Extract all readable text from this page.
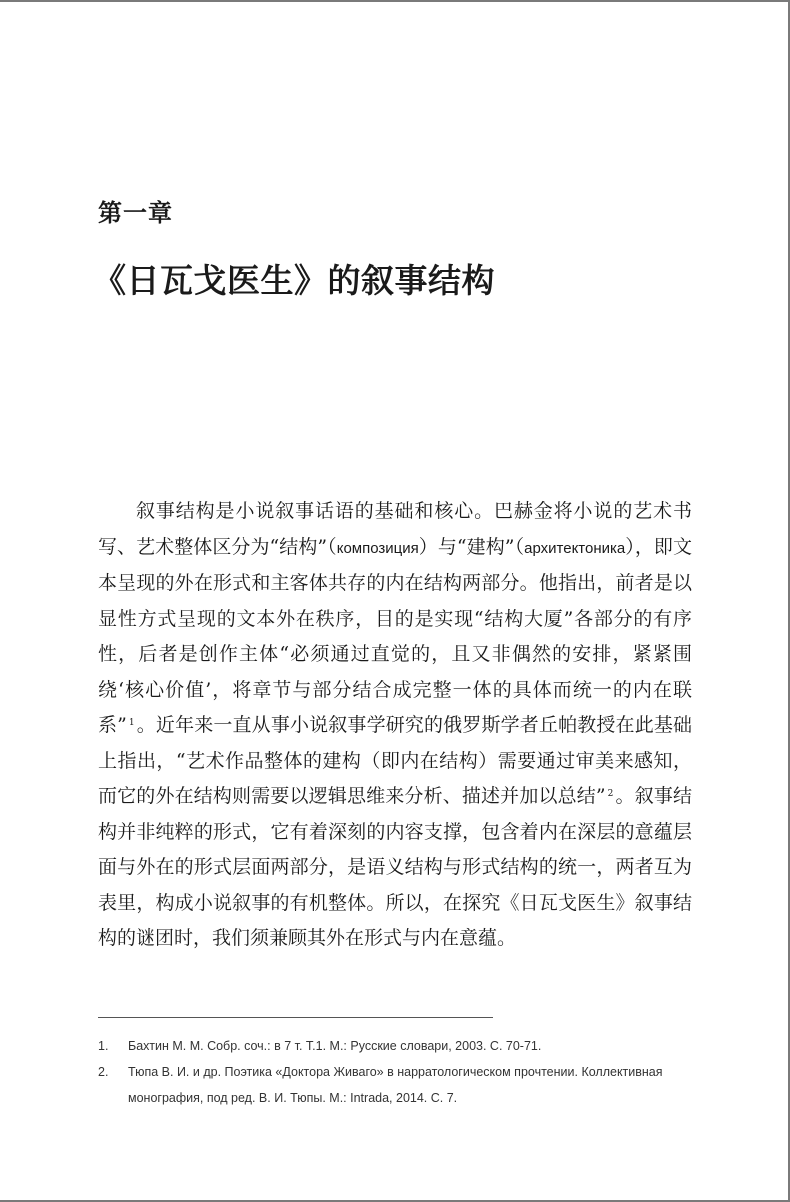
第一章
《日瓦戈医生》的叙事结构

叙事结构是小说叙事话语的基础和核心。巴赫金将小说的艺术书写、艺术整体区分为“结构”（композиция）与“建构”（архитектоника），即文本呈现的外在形式和主客体共存的内在结构两部分。他指出，前者是以显性方式呈现的文本外在秩序，目的是实现“结构大厦”各部分的有序性，后者是创作主体“必须通过直觉的，且又非偶然的安排，紧紧围绕‘核心价值’，将章节与部分结合成完整一体的具体而统一的内在联系” $^1$ 。近年来一直从事小说叙事学研究的俄罗斯学者丘帕教授在此基础上指出，“艺术作品整体的建构（即内在结构）需要通过审美来感知，而它的外在结构则需要以逻辑思维来分析、描述并加以总结” $^2$ 。叙事结构并非纯粹的形式，它有着深刻的内容支撑，包含着内在深层的意蕴层面与外在的形式层面两部分，是语义结构与形式结构的统一，两者互为表里，构成小说叙事的有机整体。所以，在探究《日瓦戈医生》叙事结构的谜团时，我们须兼顾其外在形式与内在意蕴。

1. Бахтин М. М. Собр. соч.: в 7 т. Т.1. М.: Русские словари, 2003. С. 70-71.
2. Тюпа В. И. и др. Поэтика «Доктора Живаго» в нарратологическом прочтении. Коллективная монография, под ред. В. И. Тюпы. М.: Intrada, 2014. С. 7.
